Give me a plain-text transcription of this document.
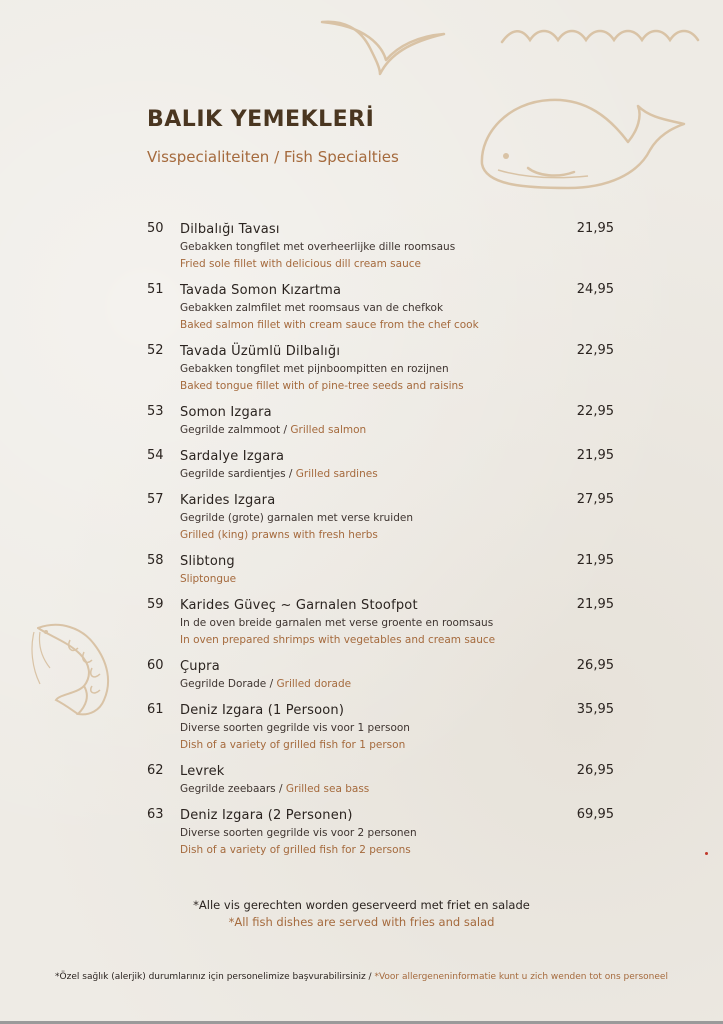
BALIK YEMEKLERİ

Visspecialiteiten / Fish Specialties

50 Dilbalığı Tavası	21,95
Gebakken tongfilet met overheerlijke dille roomsaus
Fried sole fillet with delicious dill cream sauce
51 Tavada Somon Kızartma	24,95
Gebakken zalmfilet met roomsaus van de chefkok
Baked salmon fillet with cream sauce from the chef cook
52 Tavada Üzümlü Dilbalığı	22,95
Gebakken tongfilet met pijnboompitten en rozijnen
Baked tongue fillet with of pine-tree seeds and raisins
53 Somon Izgara	22,95
Gegrilde zalmmoot / Grilled salmon
54 Sardalye Izgara	21,95
Gegrilde sardientjes / Grilled sardines
57 Karides Izgara	27,95
Gegrilde (grote) garnalen met verse kruiden
Grilled (king) prawns with fresh herbs
58 Slibtong	21,95
Sliptongue
59 Karides Güveç ~ Garnalen Stoofpot	21,95
In de oven breide garnalen met verse groente en roomsaus
In oven prepared shrimps with vegetables and cream sauce
60 Çupra	26,95
Gegrilde Dorade / Grilled dorade
61 Deniz Izgara (1 Persoon)	35,95
Diverse soorten gegrilde vis voor 1 persoon
Dish of a variety of grilled fish for 1 person
62 Levrek	26,95
Gegrilde zeebaars / Grilled sea bass
63 Deniz Izgara (2 Personen)	69,95
Diverse soorten gegrilde vis voor 2 personen
Dish of a variety of grilled fish for 2 persons
*Alle vis gerechten worden geserveerd met friet en salade
*All fish dishes are served with fries and salad
*Özel sağlık (alerjik) durumlarınız için personelimize başvurabilirsiniz / *Voor allergeneninformatie kunt u zich wenden tot ons personeel
